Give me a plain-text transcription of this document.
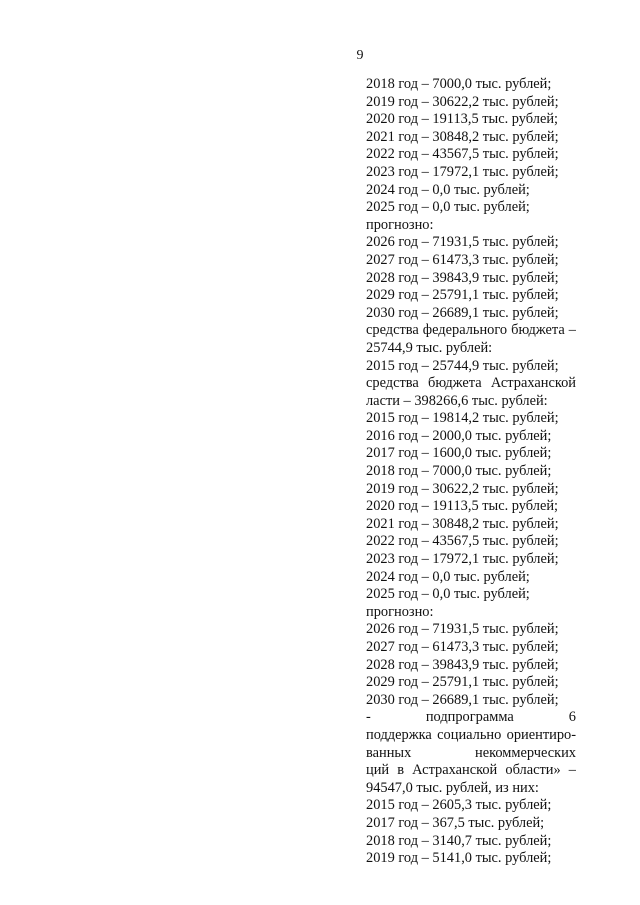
9
2018 год – 7000,0 тыс. рублей;
2019 год – 30622,2 тыс. рублей;
2020 год – 19113,5 тыс. рублей;
2021 год – 30848,2 тыс. рублей;
2022 год – 43567,5 тыс. рублей;
2023 год – 17972,1 тыс. рублей;
2024 год – 0,0 тыс. рублей;
2025 год – 0,0 тыс. рублей;
прогнозно:
2026 год – 71931,5 тыс. рублей;
2027 год – 61473,3 тыс. рублей;
2028 год – 39843,9 тыс. рублей;
2029 год – 25791,1 тыс. рублей;
2030 год – 26689,1 тыс. рублей;
средства федерального бюджета –
25744,9 тыс. рублей:
2015 год – 25744,9 тыс. рублей;
средства бюджета Астраханской
ласти – 398266,6 тыс. рублей:
2015 год – 19814,2 тыс. рублей;
2016 год – 2000,0 тыс. рублей;
2017 год – 1600,0 тыс. рублей;
2018 год – 7000,0 тыс. рублей;
2019 год – 30622,2 тыс. рублей;
2020 год – 19113,5 тыс. рублей;
2021 год – 30848,2 тыс. рублей;
2022 год – 43567,5 тыс. рублей;
2023 год – 17972,1 тыс. рублей;
2024 год – 0,0 тыс. рублей;
2025 год – 0,0 тыс. рублей;
прогнозно:
2026 год – 71931,5 тыс. рублей;
2027 год – 61473,3 тыс. рублей;
2028 год – 39843,9 тыс. рублей;
2029 год – 25791,1 тыс. рублей;
2030 год – 26689,1 тыс. рублей;
- подпрограмма 6
поддержка социально ориентиро-
ванных некоммерческих
ций в Астраханской области» –
94547,0 тыс. рублей, из них:
2015 год – 2605,3 тыс. рублей;
2017 год – 367,5 тыс. рублей;
2018 год – 3140,7 тыс. рублей;
2019 год – 5141,0 тыс. рублей;
